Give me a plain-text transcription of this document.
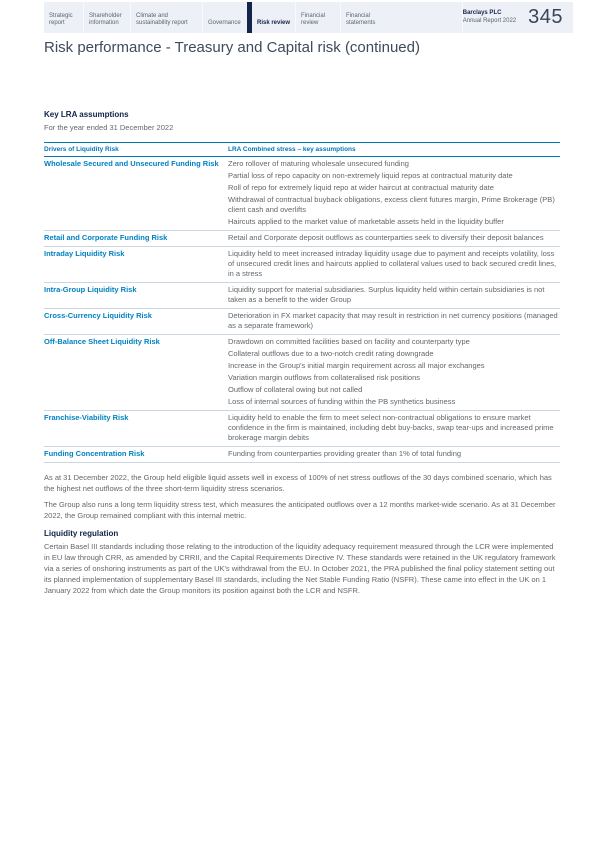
Strategic report
Shareholder information
Climate and sustainability report	Governance	Risk review
Financial review
Financial statements
Barclays PLC
Annual Report 2022 345
Risk performance - Treasury and Capital risk (continued)
Key LRA assumptions
For the year ended 31 December 2022
Drivers of Liquidity Risk	LRA Combined stress – key assumptions
Wholesale Secured and Unsecured Funding Risk	Zero rollover of maturing wholesale unsecured funding
Partial loss of repo capacity on non-extremely liquid repos at contractual maturity date
Roll of repo for extremely liquid repo at wider haircut at contractual maturity date
Withdrawal of contractual buyback obligations, excess client futures margin, Prime Brokerage (PB) client cash and overlifts
Haircuts applied to the market value of marketable assets held in the liquidity buffer
Retail and Corporate Funding Risk	Retail and Corporate deposit outflows as counterparties seek to diversify their deposit balances
Intraday Liquidity Risk	Liquidity held to meet increased intraday liquidity usage due to payment and receipts volatility, loss of unsecured credit lines and haircuts applied to collateral values used to back secured credit lines, in a stress
Intra-Group Liquidity Risk	Liquidity support for material subsidiaries. Surplus liquidity held within certain subsidiaries is not taken as a benefit to the wider Group
Cross-Currency Liquidity Risk	Deterioration in FX market capacity that may result in restriction in net currency positions (managed as a separate framework)
Off-Balance Sheet Liquidity Risk	Drawdown on committed facilities based on facility and counterparty type
Collateral outflows due to a two-notch credit rating downgrade
Increase in the Group's initial margin requirement across all major exchanges
Variation margin outflows from collateralised risk positions
Outflow of collateral owing but not called
Loss of internal sources of funding within the PB synthetics business
Franchise-Viability Risk	Liquidity held to enable the firm to meet select non-contractual obligations to ensure market confidence in the firm is maintained, including debt buy-backs, swap tear-ups and increased prime brokerage margin debits
Funding Concentration Risk	Funding from counterparties providing greater than 1% of total funding
As at 31 December 2022, the Group held eligible liquid assets well in excess of 100% of net stress outflows of the 30 days combined scenario, which has the highest net outflows of the three short-term liquidity stress scenarios.
The Group also runs a long term liquidity stress test, which measures the anticipated outflows over a 12 months market-wide scenario. As at 31 December 2022, the Group remained compliant with this internal metric.
Liquidity regulation
Certain Basel III standards including those relating to the introduction of the liquidity adequacy requirement measured through the LCR were implemented in EU law through CRR, as amended by CRRII, and the Capital Requirements Directive IV. These standards were retained in the UK regulatory framework via a series of onshoring instruments as part of the UK's withdrawal from the EU. In October 2021, the PRA published the final policy statement setting out its planned implementation of supplementary Basel III standards, including the Net Stable Funding Ratio (NSFR). These came into effect in the UK on 1 January 2022 from which date the Group monitors its position against both the LCR and NSFR.
